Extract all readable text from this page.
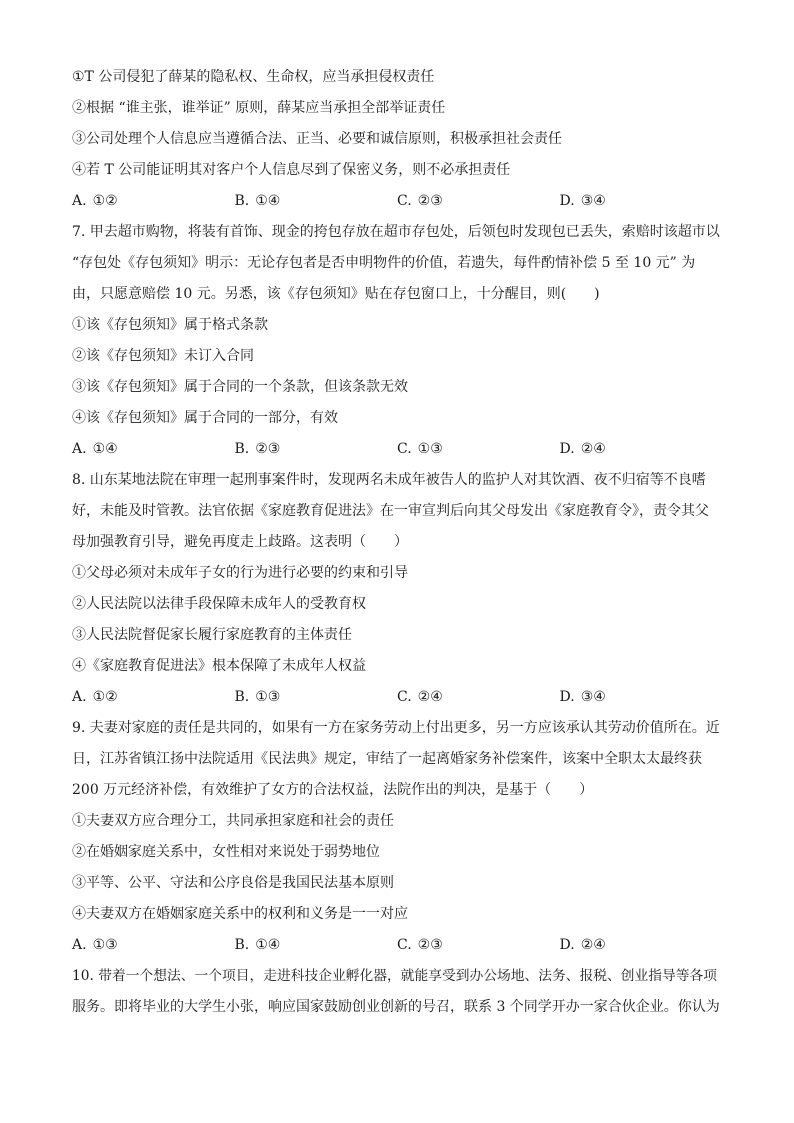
①T 公司侵犯了薛某的隐私权、生命权，应当承担侵权责任
②根据 “谁主张，谁举证” 原则，薛某应当承担全部举证责任
③公司处理个人信息应当遵循合法、正当、必要和诚信原则，积极承担社会责任
④若 T 公司能证明其对客户个人信息尽到了保密义务，则不必承担责任
A. ①②	B. ①④	C. ②③	D. ③④
7. 甲去超市购物，将装有首饰、现金的挎包存放在超市存包处，后领包时发现包已丢失，索赔时该超市以
“存包处《存包须知》明示：无论存包者是否申明物件的价值，若遗失，每件酌情补偿 5 至 10 元” 为
由，只愿意赔偿 10 元。另悉，该《存包须知》贴在存包窗口上，十分醒目，则(　　)
①该《存包须知》属于格式条款
②该《存包须知》未订入合同
③该《存包须知》属于合同的一个条款，但该条款无效
④该《存包须知》属于合同的一部分，有效
A. ①④	B. ②③	C. ①③	D. ②④
8. 山东某地法院在审理一起刑事案件时，发现两名未成年被告人的监护人对其饮酒、夜不归宿等不良嗜
好，未能及时管教。法官依据《家庭教育促进法》在一审宣判后向其父母发出《家庭教育令》，责令其父
母加强教育引导，避免再度走上歧路。这表明（　　）
①父母必须对未成年子女的行为进行必要的约束和引导
②人民法院以法律手段保障未成年人的受教育权
③人民法院督促家长履行家庭教育的主体责任
④《家庭教育促进法》根本保障了未成年人权益
A. ①②	B. ①③	C. ②④	D. ③④
9. 夫妻对家庭的责任是共同的，如果有一方在家务劳动上付出更多，另一方应该承认其劳动价值所在。近
日，江苏省镇江扬中法院适用《民法典》规定，审结了一起离婚家务补偿案件，该案中全职太太最终获
200 万元经济补偿，有效维护了女方的合法权益，法院作出的判决，是基于（　　）
①夫妻双方应合理分工，共同承担家庭和社会的责任
②在婚姻家庭关系中，女性相对来说处于弱势地位
③平等、公平、守法和公序良俗是我国民法基本原则
④夫妻双方在婚姻家庭关系中的权利和义务是一一对应
A. ①③	B. ①④	C. ②③	D. ②④
10. 带着一个想法、一个项目，走进科技企业孵化器，就能享受到办公场地、法务、报税、创业指导等各项
服务。即将毕业的大学生小张，响应国家鼓励创业创新的号召，联系 3 个同学开办一家合伙企业。你认为
